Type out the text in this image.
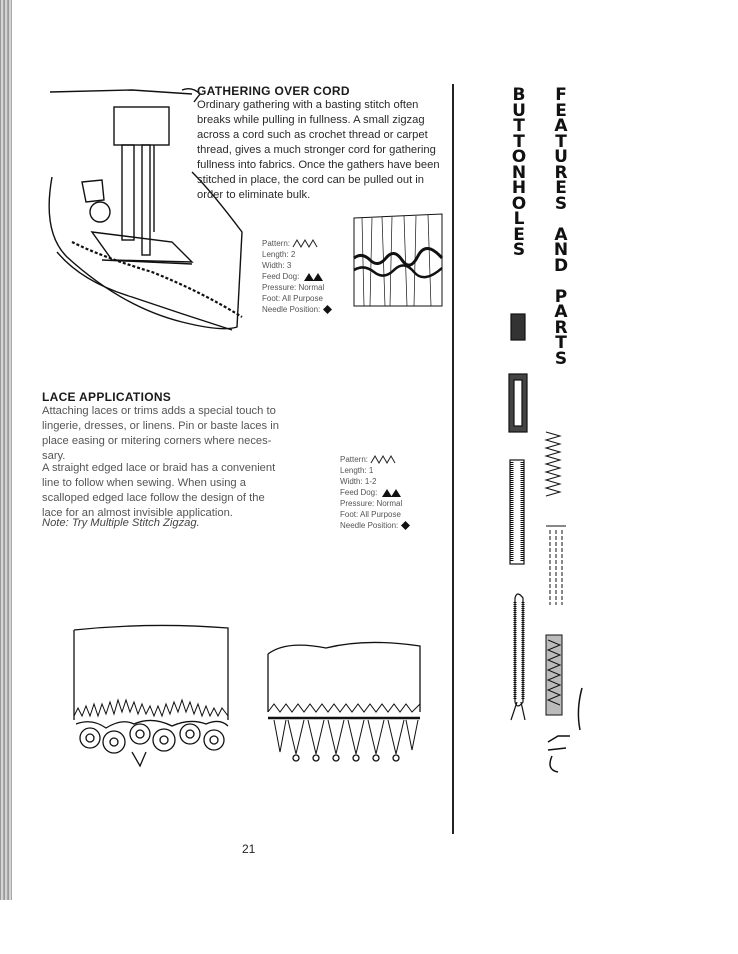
GATHERING OVER CORD
Ordinary gathering with a basting stitch often
breaks while pulling in fullness. A small zigzag
across a cord such as crochet thread or carpet
thread, gives a much stronger cord for gathering
fullness into fabrics. Once the gathers have been
stitched in place, the cord can be pulled out in
order to eliminate bulk.
Pattern:
Length: 2
Width: 3
Feed Dog:
Pressure: Normal
Foot: All Purpose
Needle Position:
LACE APPLICATIONS
Attaching laces or trims adds a special touch to
lingerie, dresses, or linens. Pin or baste laces in
place easing or mitering corners where neces-
sary.
A straight edged lace or braid has a convenient
line to follow when sewing. When using a
scalloped edged lace follow the design of the
lace for an almost invisible application.
Note: Try Multiple Stitch Zigzag.
Pattern:
Length: 1
Width: 1-2
Feed Dog:
Pressure: Normal
Foot: All Purpose
Needle Position:
B
U
T
T
O
N
H
O
L
E
S
F
E
A
T
U
R
E
S
A
N
D
P
A
R
T
S
21
